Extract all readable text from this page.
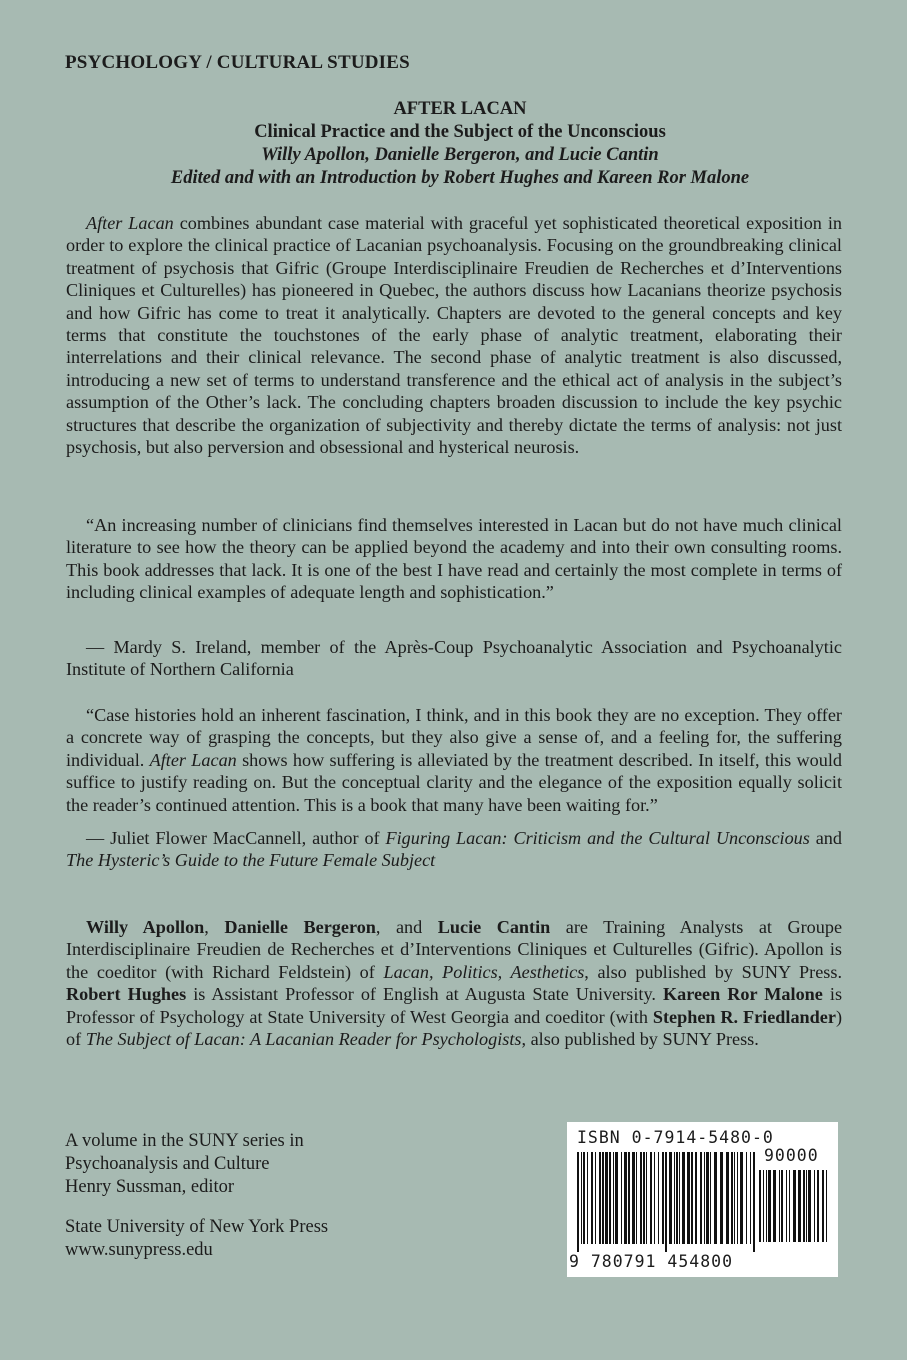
PSYCHOLOGY / CULTURAL STUDIES
AFTER LACAN
Clinical Practice and the Subject of the Unconscious
Willy Apollon, Danielle Bergeron, and Lucie Cantin
Edited and with an Introduction by Robert Hughes and Kareen Ror Malone

After Lacan combines abundant case material with graceful yet sophisticated theoretical exposition in order to explore the clinical practice of Lacanian psychoanalysis. Focusing on the groundbreaking clinical treatment of psychosis that Gifric (Groupe Interdisciplinaire Freudien de Recherches et d’Interventions Cliniques et Culturelles) has pioneered in Quebec, the authors discuss how Lacanians theorize psychosis and how Gifric has come to treat it analytically. Chapters are devoted to the general concepts and key terms that constitute the touchstones of the early phase of analytic treatment, elaborating their interrelations and their clinical relevance. The second phase of analytic treatment is also discussed, introducing a new set of terms to understand transference and the ethical act of analysis in the subject’s assumption of the Other’s lack. The concluding chapters broaden discussion to include the key psychic structures that describe the organization of subjectivity and thereby dictate the terms of analysis: not just psychosis, but also perversion and obsessional and hysterical neurosis.

“An increasing number of clinicians find themselves interested in Lacan but do not have much clinical literature to see how the theory can be applied beyond the academy and into their own consulting rooms. This book addresses that lack. It is one of the best I have read and certainly the most complete in terms of including clinical examples of adequate length and sophistication.”

— Mardy S. Ireland, member of the Après-Coup Psychoanalytic Association and Psychoanalytic Institute of Northern California

“Case histories hold an inherent fascination, I think, and in this book they are no exception. They offer a concrete way of grasping the concepts, but they also give a sense of, and a feeling for, the suffering individual. After Lacan shows how suffering is alleviated by the treatment described. In itself, this would suffice to justify reading on. But the conceptual clarity and the elegance of the exposition equally solicit the reader’s continued attention. This is a book that many have been waiting for.”

— Juliet Flower MacCannell, author of Figuring Lacan: Criticism and the Cultural Unconscious and The Hysteric’s Guide to the Future Female Subject

Willy Apollon, Danielle Bergeron, and Lucie Cantin are Training Analysts at Groupe Interdisciplinaire Freudien de Recherches et d’Interventions Cliniques et Culturelles (Gifric). Apollon is the coeditor (with Richard Feldstein) of Lacan, Politics, Aesthetics, also published by SUNY Press. Robert Hughes is Assistant Professor of English at Augusta State University. Kareen Ror Malone is Professor of Psychology at State University of West Georgia and coeditor (with Stephen R. Friedlander) of The Subject of Lacan: A Lacanian Reader for Psychologists, also published by SUNY Press.

A volume in the SUNY series in
Psychoanalysis and Culture
Henry Sussman, editor
State University of New York Press
www.sunypress.edu
ISBN 0-7914-5480-0
90000
9 780791 454800
